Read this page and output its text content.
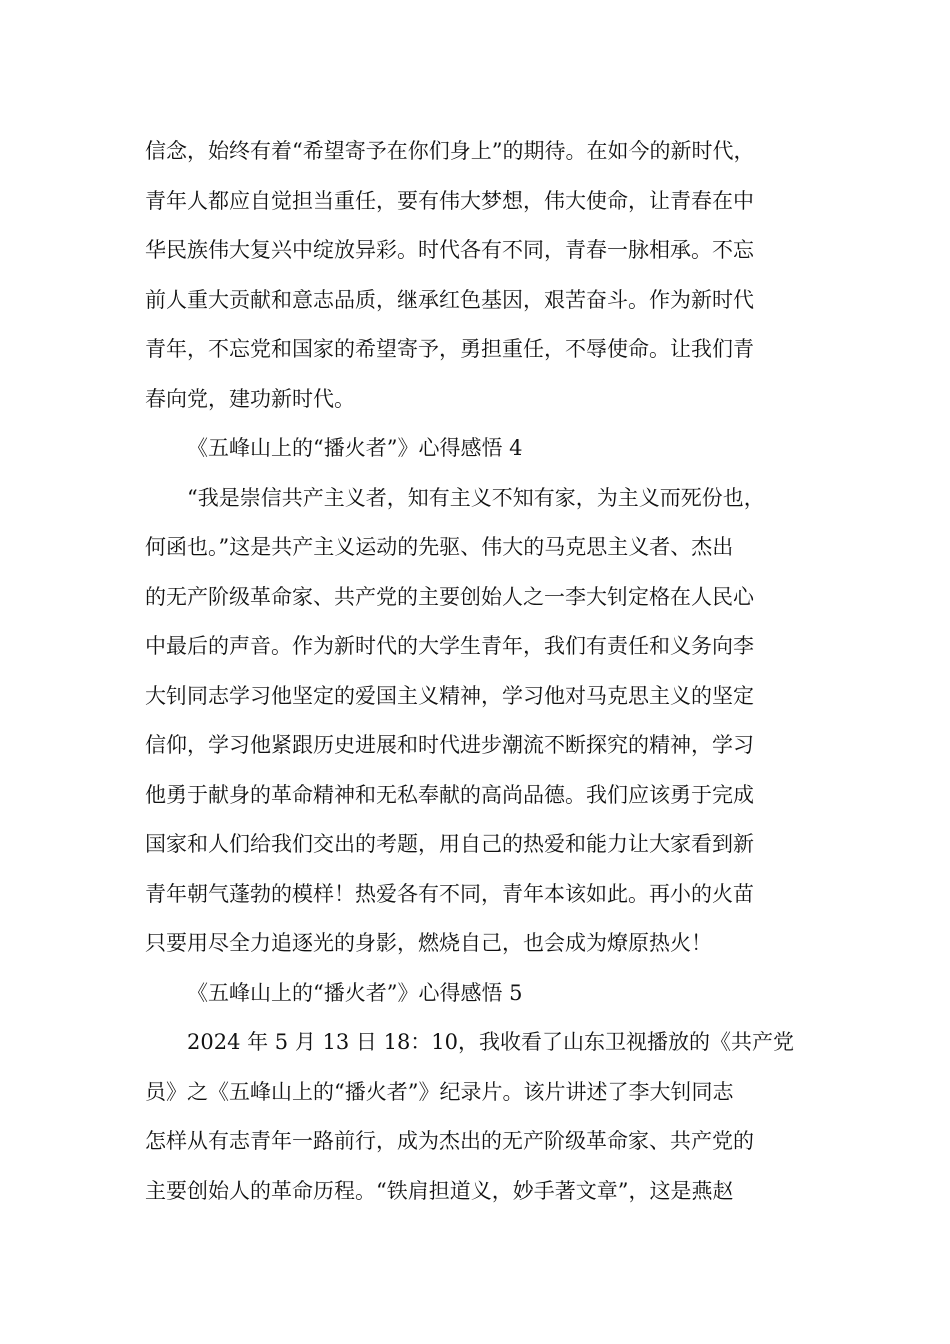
信念，始终有着“希望寄予在你们身上”的期待。在如今的新时代，
青年人都应自觉担当重任，要有伟大梦想，伟大使命，让青春在中
华民族伟大复兴中绽放异彩。时代各有不同，青春一脉相承。不忘
前人重大贡献和意志品质，继承红色基因，艰苦奋斗。作为新时代
青年，不忘党和国家的希望寄予，勇担重任，不辱使命。让我们青
春向党，建功新时代。
《五峰山上的“播火者”》心得感悟 4
“我是崇信共产主义者，知有主义不知有家，为主义而死份也，
何函也。”这是共产主义运动的先驱、伟大的马克思主义者、杰出
的无产阶级革命家、共产党的主要创始人之一李大钊定格在人民心
中最后的声音。作为新时代的大学生青年，我们有责任和义务向李
大钊同志学习他坚定的爱国主义精神，学习他对马克思主义的坚定
信仰，学习他紧跟历史进展和时代进步潮流不断探究的精神，学习
他勇于献身的革命精神和无私奉献的高尚品德。我们应该勇于完成
国家和人们给我们交出的考题，用自己的热爱和能力让大家看到新
青年朝气蓬勃的模样！热爱各有不同，青年本该如此。再小的火苗
只要用尽全力追逐光的身影，燃烧自己，也会成为燎原热火！
《五峰山上的“播火者”》心得感悟 5
2024 年 5 月 13 日 18：10，我收看了山东卫视播放的《共产党
员》之《五峰山上的“播火者”》纪录片。该片讲述了李大钊同志
怎样从有志青年一路前行，成为杰出的无产阶级革命家、共产党的
主要创始人的革命历程。“铁肩担道义，妙手著文章”，这是燕赵
